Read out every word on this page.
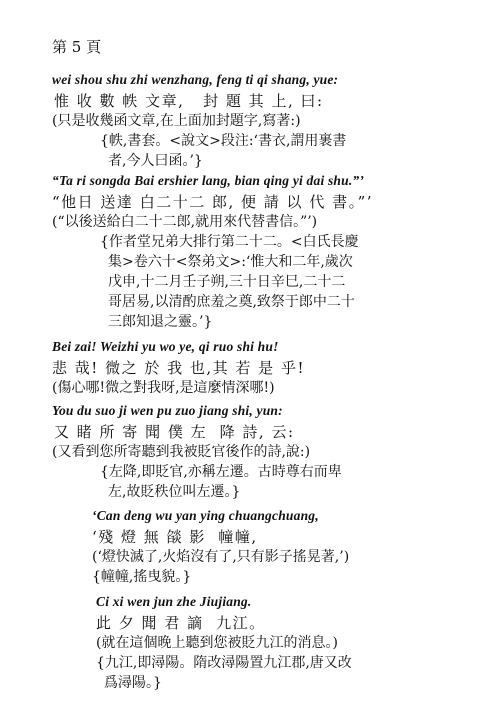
第 5 頁
wei shou shu zhi wenzhang, feng ti qi shang, yue:
惟 收 數 帙 文章,   封 題 其 上, 曰:
(只是收幾函文章,在上面加封題字,寫著:)
{帙,書套。<說文>段注:‘書衣,謂用裹書
者,今人曰函。’}
“Ta ri songda Bai ershier lang, bian qing yi dai shu.”’
“他日 送達 白二十二 郎, 便 請 以 代 書。”’
(“以後送給白二十二郎,就用來代替書信。”’)
{作者堂兄弟大排行第二十二。<白氏長慶
集>卷六十<祭弟文>:‘惟大和二年,歲次
戊申,十二月壬子朔,三十日辛巳,二十二
哥居易,以清酌庶羞之奠,致祭于郎中二十
三郎知退之靈。’}
Bei zai! Weizhi yu wo ye, qi ruo shi hu!
悲 哉! 微之 於 我 也,其 若 是 乎!
(傷心哪!微之對我呀,是這麼情深哪!)
You du suo ji wen pu zuo jiang shi, yun:
又 睹 所 寄 聞 僕 左  降 詩, 云:
(又看到您所寄聽到我被貶官後作的詩,說:)
{左降,即貶官,亦稱左遷。古時尊右而卑
左,故貶秩位叫左遷。}
‘Can deng wu yan ying chuangchuang,
‘殘 燈 無 燄 影  幢幢,
(‘燈快滅了,火焰沒有了,只有影子搖晃著,’)
{幢幢,搖曳貌。}
Ci xi wen jun zhe Jiujiang.
此 夕 聞 君 謫  九江。
(就在這個晚上聽到您被貶九江的消息。)
{九江,即潯陽。隋改潯陽置九江郡,唐又改
爲潯陽。}
